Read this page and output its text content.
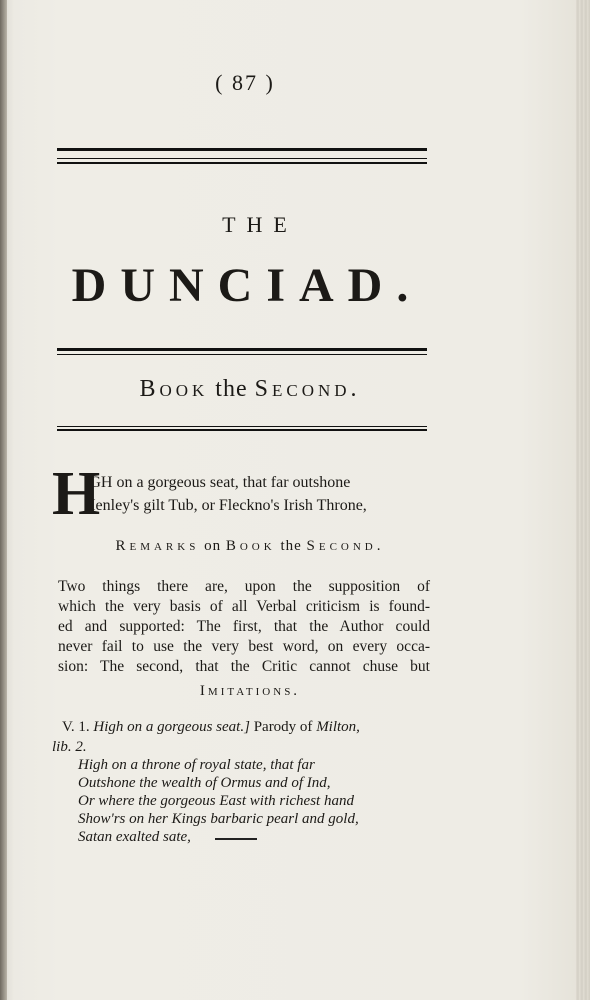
( 87 )
THE
DUNCIAD.
Book the Second.
H
IGH on a gorgeous seat, that far outshone
Henley's gilt Tub, or Fleckno's Irish Throne,
Remarks on Book the Second.
Two things there are, upon the supposition of
which the very basis of all Verbal criticism is found-
ed and supported: The first, that the Author could
never fail to use the very best word, on every occa-
sion: The second, that the Critic cannot chuse but
Imitations.
V. 1. High on a gorgeous seat.] Parody of Milton,
lib. 2.
High on a throne of royal state, that far
Outshone the wealth of Ormus and of Ind,
Or where the gorgeous East with richest hand
Show'rs on her Kings barbaric pearl and gold,
Satan exalted sate,
